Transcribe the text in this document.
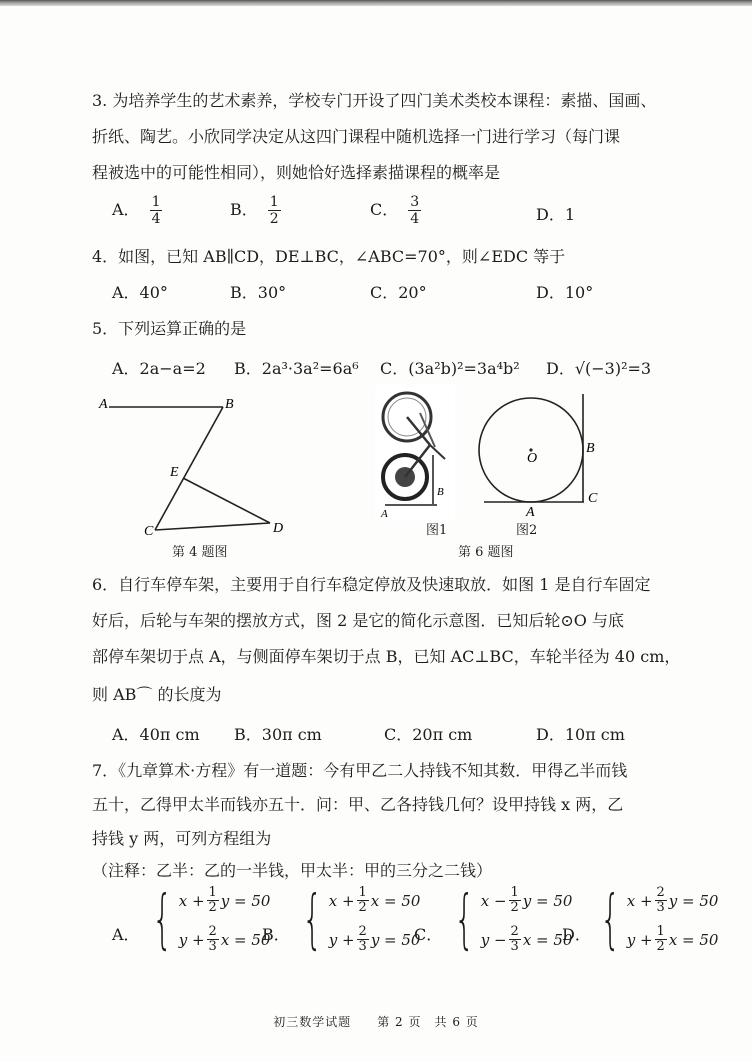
3. 为培养学生的艺术素养，学校专门开设了四门美术类校本课程：素描、国画、
折纸、陶艺。小欣同学决定从这四门课程中随机选择一门进行学习（每门课
程被选中的可能性相同），则她恰好选择素描课程的概率是
A． $\frac{1}{4}$	B． $\frac{1}{2}$	C． $\frac{3}{4}$	D．1
4．如图，已知 AB∥CD，DE⊥BC，∠ABC=70°，则∠EDC 等于
A．40°	B．30°	C．20°	D．10°
5．下列运算正确的是
A．2a−a=2 B．2a³·3a²=6a⁶ C．(3a²b)²=3a⁴b² D．√(−3)²=3
A	B
E
C	D
第 4 题图
A
B
图1
O
B
A
C
图2
第 6 题图
6．自行车停车架，主要用于自行车稳定停放及快速取放．如图 1 是自行车固定
好后，后轮与车架的摆放方式，图 2 是它的简化示意图．已知后轮⊙O 与底
部停车架切于点 A，与侧面停车架切于点 B，已知 AC⊥BC，车轮半径为 40 cm，
则 AB⌒ 的长度为
A．40π cm B．30π cm	C．20π cm	D．10π cm
7．《九章算术·方程》有一道题：今有甲乙二人持钱不知其数．甲得乙半而钱
五十，乙得甲太半而钱亦五十．问：甲、乙各持钱几何？设甲持钱 x 两，乙
持钱 y 两，可列方程组为
（注释：乙半：乙的一半钱，甲太半：甲的三分之二钱）
A． { $x + \frac{1}{2}$ y = 50
$y + \frac{2}{3}$ x = 50
B． { $x + \frac{1}{2}$ x = 50
$y + \frac{2}{3}$ y = 50
C． { $x - \frac{1}{2}$ y = 50
$y - \frac{2}{3}$ x = 50
D． { $x + \frac{2}{3}$ y = 50
$y + \frac{1}{2}$ x = 50
初三数学试题　　第 2 页　共 6 页
